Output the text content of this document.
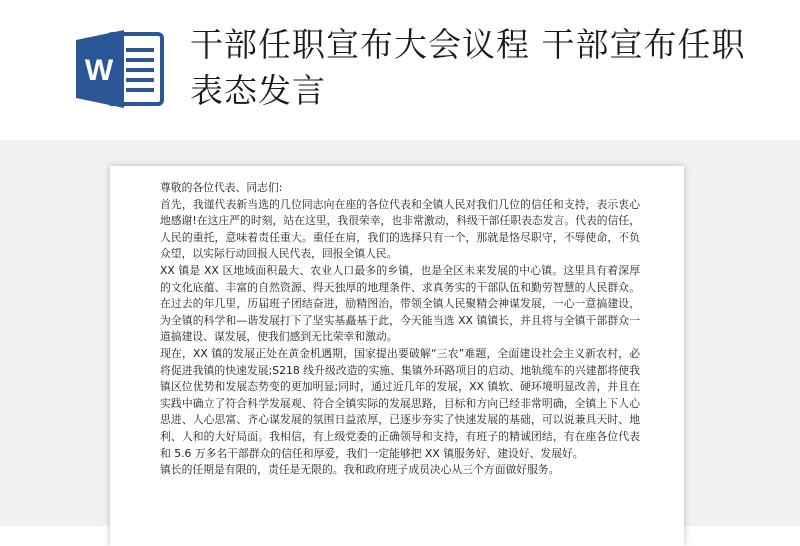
W
干部任职宣布大会议程 干部宣布任职表态发言

尊敬的各位代表、同志们:

首先，我谨代表新当选的几位同志向在座的各位代表和全镇人民对我们几位的信任和支持，表示衷心地感谢!在这庄严的时刻，站在这里，我很荣幸，也非常激动，科级干部任职表态发言。代表的信任，人民的重托，意味着责任重大。重任在肩，我们的选择只有一个，那就是恪尽职守，不辱使命，不负众望，以实际行动回报人民代表，回报全镇人民。

XX 镇是 XX 区地域面积最大、农业人口最多的乡镇，也是全区未来发展的中心镇。这里具有着深厚的文化底蕴、丰富的自然资源、得天独厚的地理条件、求真务实的干部队伍和勤劳智慧的人民群众。在过去的年几里，历届班子团结奋进，励精图治，带领全镇人民聚精会神谋发展，一心一意搞建设，为全镇的科学和—谐发展打下了坚实基矗基于此，今天能当选 XX 镇镇长，并且将与全镇干部群众一道搞建设、谋发展，使我们感到无比荣幸和激动。

现在，XX 镇的发展正处在黄金机遇期，国家提出要破解“三农”难题，全面建设社会主义新农村，必将促进我镇的快速发展;S218 线升级改造的实施、集镇外环路项目的启动、地轨缆车的兴建都将使我镇区位优势和发展态势变的更加明显;同时，通过近几年的发展，XX 镇软、硬环境明显改善，并且在实践中确立了符合科学发展观、符合全镇实际的发展思路，目标和方向已经非常明确，全镇上下人心思进、人心思富、齐心谋发展的氛围日益浓厚，已逐步夯实了快速发展的基础，可以说兼具天时、地利、人和的大好局面。我相信，有上级党委的正确领导和支持，有班子的精诚团结，有在座各位代表和 5.6 万多名干部群众的信任和厚爱，我们一定能够把 XX 镇服务好、建设好、发展好。

镇长的任期是有限的，责任是无限的。我和政府班子成员决心从三个方面做好服务。
